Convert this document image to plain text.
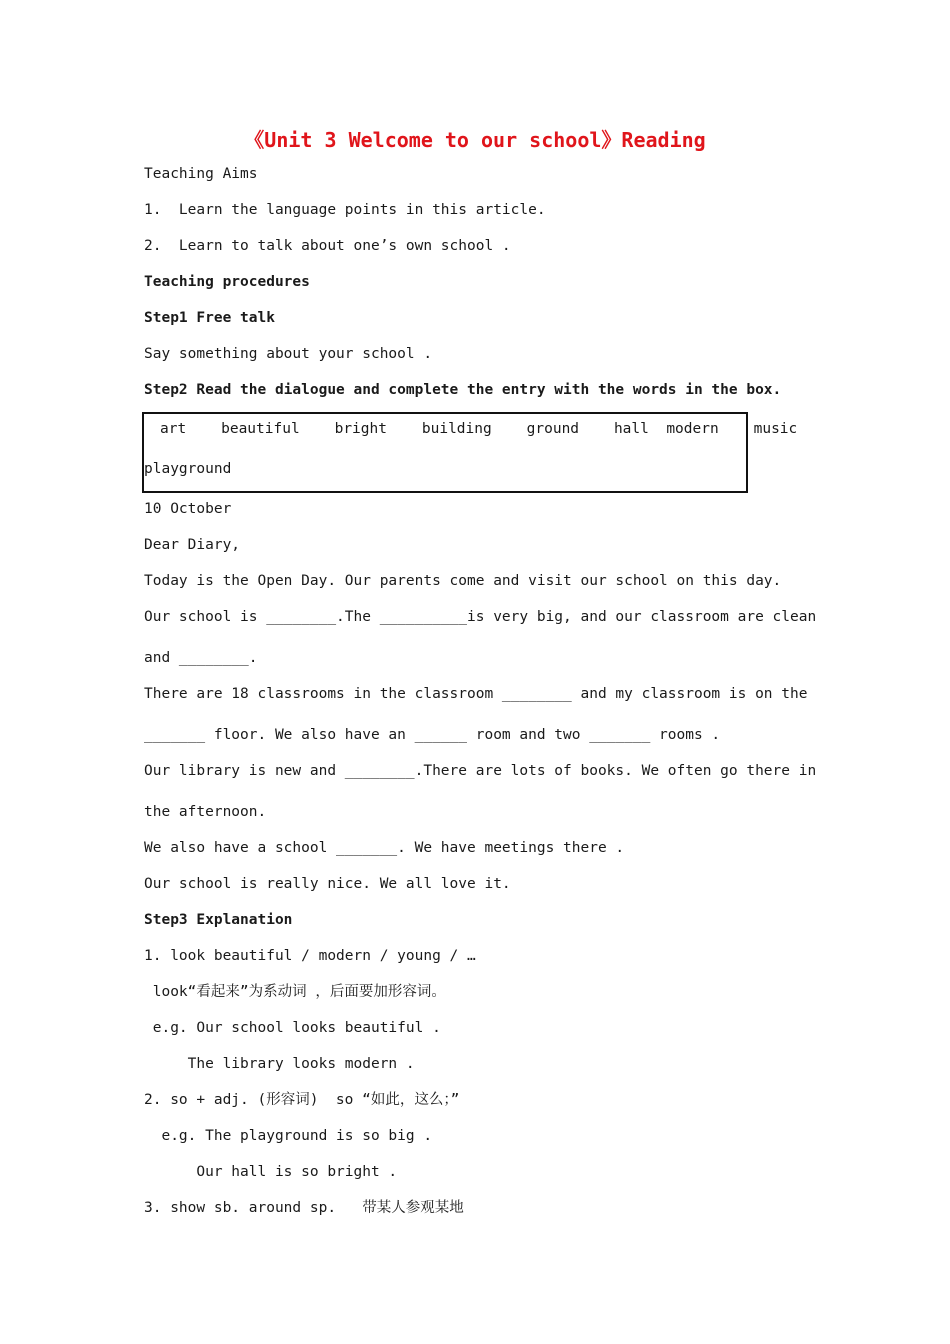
《Unit 3 Welcome to our school》Reading
Teaching Aims
1.  Learn the language points in this article.
2.  Learn to talk about one’s own school .
Teaching procedures
Step1 Free talk
Say something about your school .
Step2 Read the dialogue and complete the entry with the words in the box.
art    beautiful    bright    building    ground    hall  modern    music
playground
10 October
Dear Diary,
Today is the Open Day. Our parents come and visit our school on this day.
Our school is ________.The __________is very big, and our classroom are clean
and ________.
There are 18 classrooms in the classroom ________ and my classroom is on the
_______ floor. We also have an ______ room and two _______ rooms .
Our library is new and ________.There are lots of books. We often go there in
the afternoon.
We also have a school _______. We have meetings there .
Our school is really nice. We all love it.
Step3 Explanation
1. look beautiful / modern / young / …
look“看起来”为系动词 ，后面要加形容词。
e.g. Our school looks beautiful .
The library looks modern .
2. so + adj. (形容词)  so “如此，这么；”
e.g. The playground is so big .
Our hall is so bright .
3. show sb. around sp.   带某人参观某地
